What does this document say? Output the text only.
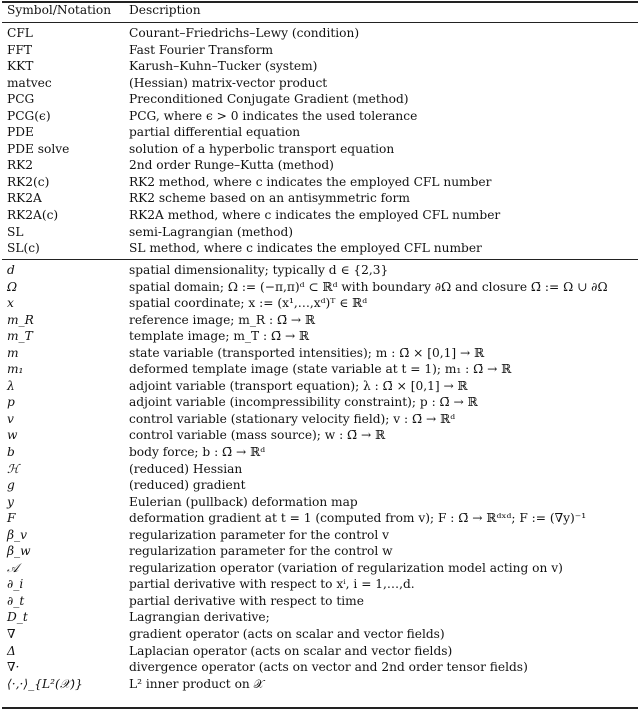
Symbol/Notation Description
CFL	Courant–Friedrichs–Lewy (condition)
FFT	Fast Fourier Transform
KKT	Karush–Kuhn–Tucker (system)
matvec	(Hessian) matrix-vector product
PCG	Preconditioned Conjugate Gradient (method)
PCG(ϵ)	PCG, where ϵ > 0 indicates the used tolerance
PDE	partial differential equation
PDE solve	solution of a hyperbolic transport equation
RK2	2nd order Runge–Kutta (method)
RK2(c)	RK2 method, where c indicates the employed CFL number
RK2A	RK2 scheme based on an antisymmetric form
RK2A(c)	RK2A method, where c indicates the employed CFL number
SL	semi-Lagrangian (method)
SL(c)	SL method, where c indicates the employed CFL number
d	spatial dimensionality; typically d ∈ {2,3}
Ω	spatial domain; Ω := (−π,π)ᵈ ⊂ ℝᵈ with boundary ∂Ω and closure Ω̄ := Ω ∪ ∂Ω
x	spatial coordinate; x := (x¹,…,xᵈ)ᵀ ∈ ℝᵈ
m_R	reference image; m_R : Ω̄ → ℝ
m_T	template image; m_T : Ω̄ → ℝ
m	state variable (transported intensities); m : Ω̄ × [0,1] → ℝ
m₁	deformed template image (state variable at t = 1); m₁ : Ω̄ → ℝ
λ	adjoint variable (transport equation); λ : Ω̄ × [0,1] → ℝ
p	adjoint variable (incompressibility constraint); p : Ω̄ → ℝ
v	control variable (stationary velocity field); v : Ω̄ → ℝᵈ
w	control variable (mass source); w : Ω̄ → ℝ
b	body force; b : Ω̄ → ℝᵈ
ℋ	(reduced) Hessian
g	(reduced) gradient
y	Eulerian (pullback) deformation map
F	deformation gradient at t = 1 (computed from v); F : Ω̄ → ℝᵈˣᵈ; F := (∇y)⁻¹
β_v	regularization parameter for the control v
β_w	regularization parameter for the control w
𝒜	regularization operator (variation of regularization model acting on v)
∂_i	partial derivative with respect to xⁱ, i = 1,…,d.
∂_t	partial derivative with respect to time
D_t	Lagrangian derivative;
∇	gradient operator (acts on scalar and vector fields)
Δ	Laplacian operator (acts on scalar and vector fields)
∇·	divergence operator (acts on vector and 2nd order tensor fields)
⟨·,·⟩_{L²(𝒳)}	L² inner product on 𝒳
